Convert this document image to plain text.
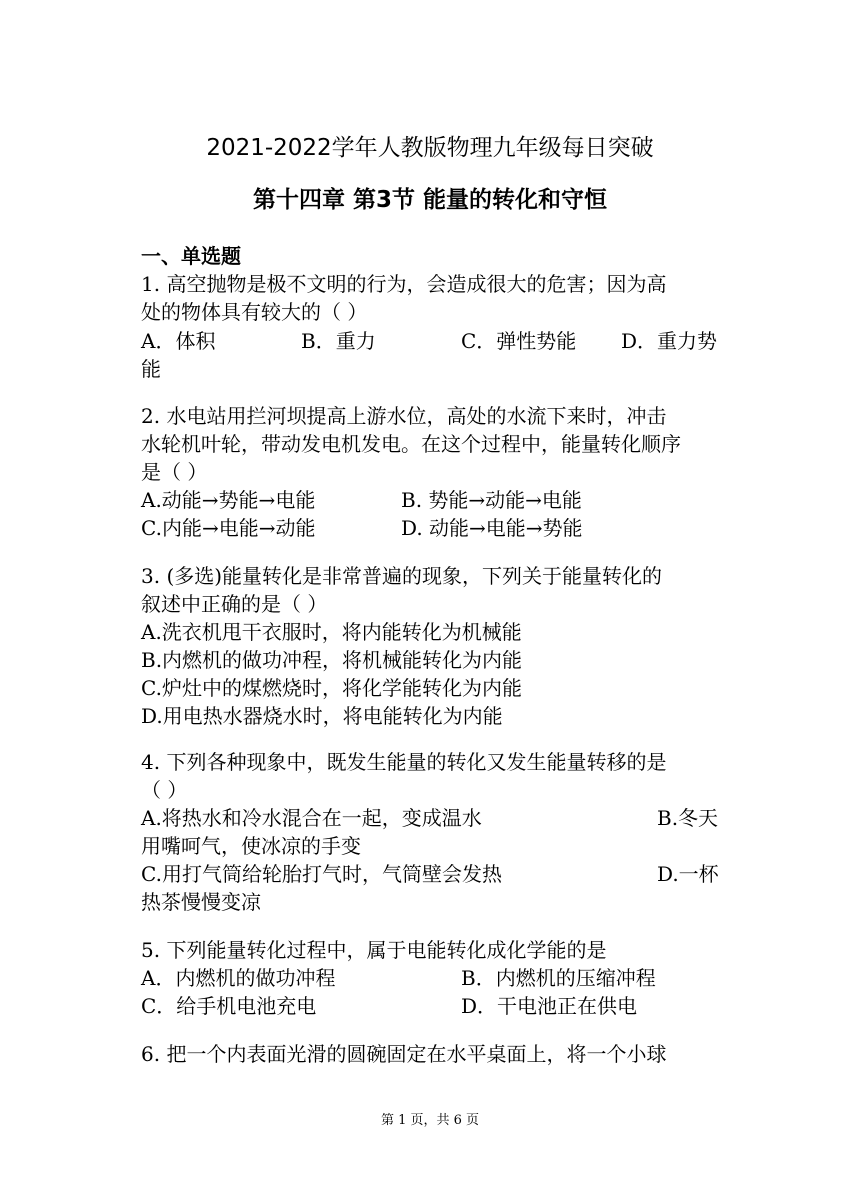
2021-2022学年人教版物理九年级每日突破
第十四章 第3节 能量的转化和守恒
一、单选题
1. 高空抛物是极不文明的行为，会造成很大的危害；因为高
处的物体具有较大的（ ）
A．体积	B．重力	C．弹性势能 D．重力势
能
2. 水电站用拦河坝提高上游水位，高处的水流下来时，冲击
水轮机叶轮，带动发电机发电。在这个过程中，能量转化顺序
是（ ）
A.动能→势能→电能	B. 势能→动能→电能
C.内能→电能→动能	D. 动能→电能→势能
3. (多选)能量转化是非常普遍的现象，下列关于能量转化的
叙述中正确的是（ ）
A.洗衣机甩干衣服时，将内能转化为机械能
B.内燃机的做功冲程，将机械能转化为内能
C.炉灶中的煤燃烧时，将化学能转化为内能
D.用电热水器烧水时，将电能转化为内能
4. 下列各种现象中，既发生能量的转化又发生能量转移的是
（ ）
A.将热水和冷水混合在一起，变成温水	B.冬天
用嘴呵气，使冰凉的手变
C.用打气筒给轮胎打气时，气筒壁会发热	D.一杯
热茶慢慢变凉
5. 下列能量转化过程中，属于电能转化成化学能的是
A．内燃机的做功冲程	B．内燃机的压缩冲程
C．给手机电池充电	D．干电池正在供电
6. 把一个内表面光滑的圆碗固定在水平桌面上，将一个小球
第 1 页，共 6 页
